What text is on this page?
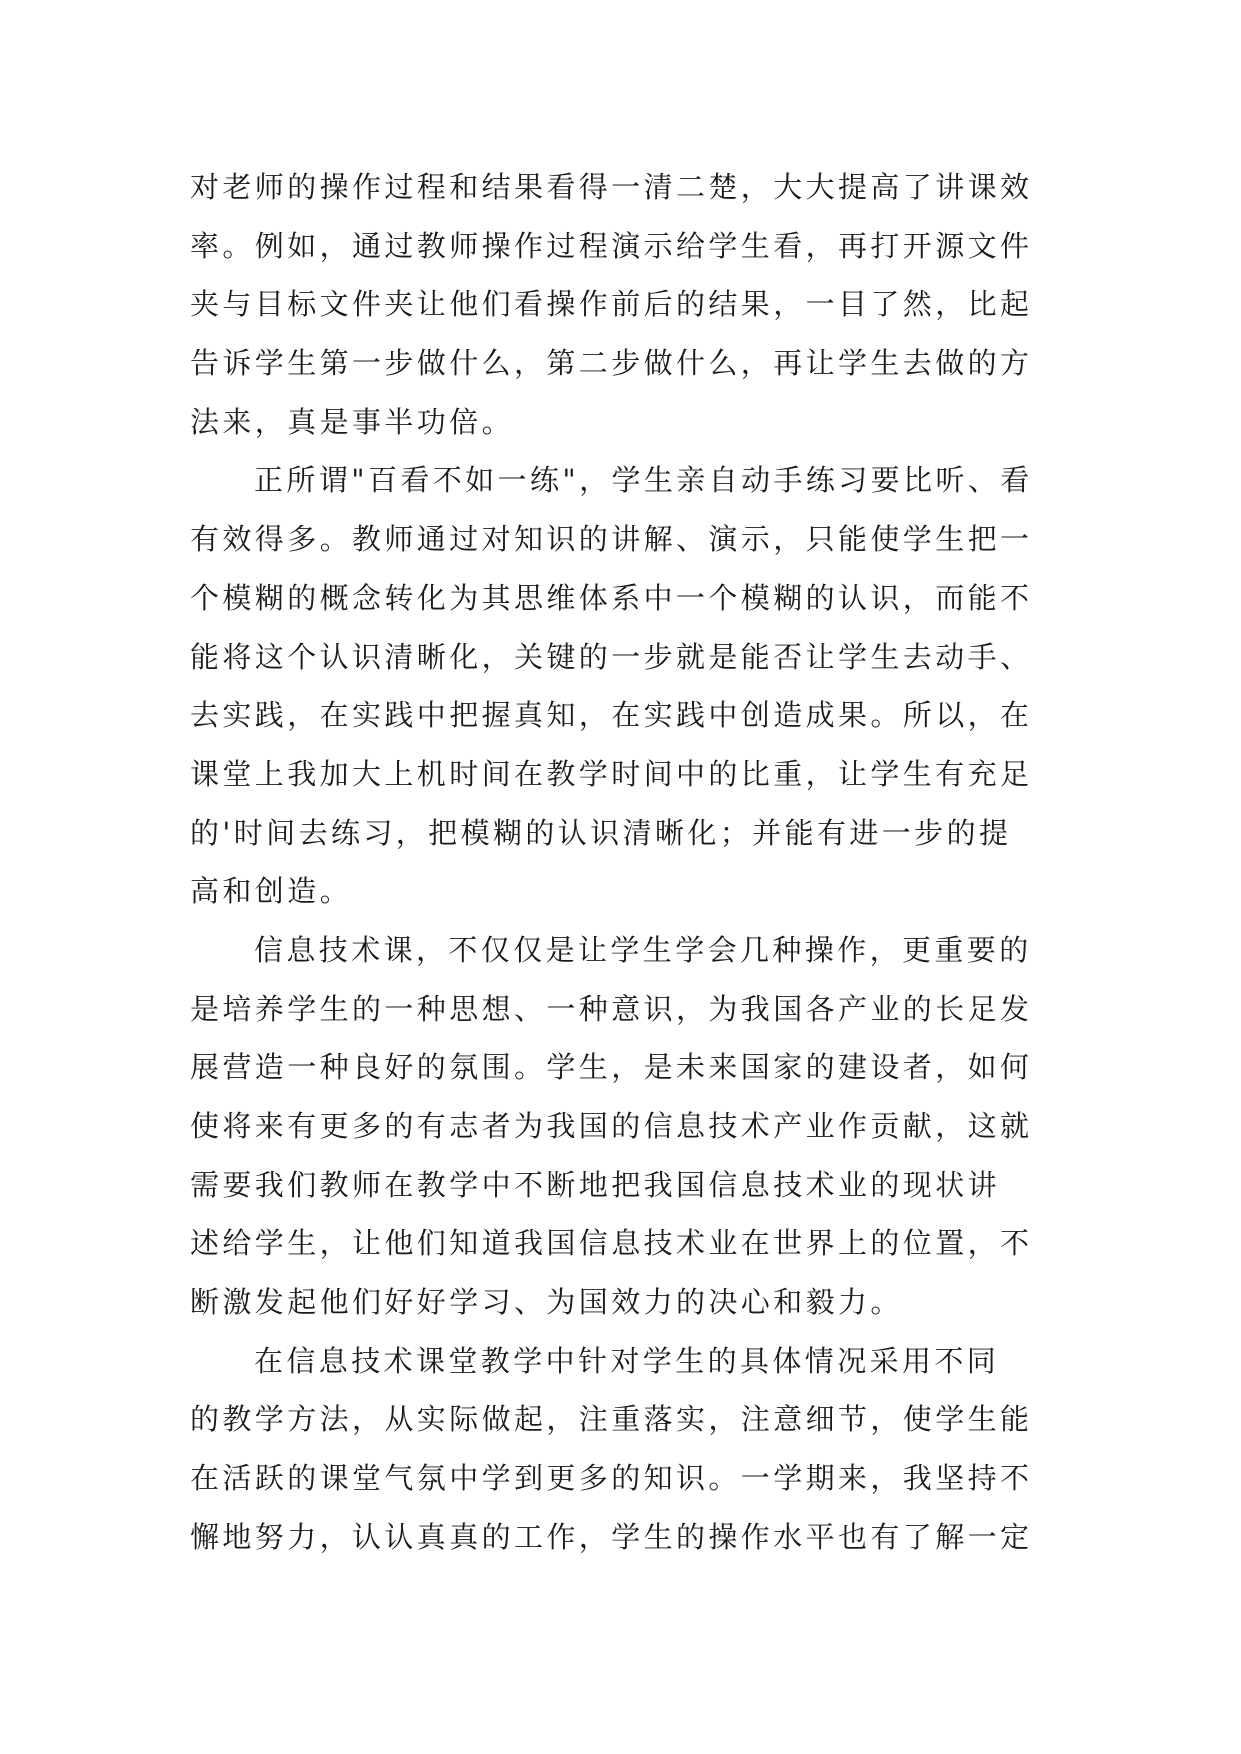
对老师的操作过程和结果看得一清二楚，大大提高了讲课效
率。例如，通过教师操作过程演示给学生看，再打开源文件
夹与目标文件夹让他们看操作前后的结果，一目了然，比起
告诉学生第一步做什么，第二步做什么，再让学生去做的方
法来，真是事半功倍。
正所谓"百看不如一练"，学生亲自动手练习要比听、看
有效得多。教师通过对知识的讲解、演示，只能使学生把一
个模糊的概念转化为其思维体系中一个模糊的认识，而能不
能将这个认识清晰化，关键的一步就是能否让学生去动手、
去实践，在实践中把握真知，在实践中创造成果。所以，在
课堂上我加大上机时间在教学时间中的比重，让学生有充足
的'时间去练习，把模糊的认识清晰化；并能有进一步的提
高和创造。
信息技术课，不仅仅是让学生学会几种操作，更重要的
是培养学生的一种思想、一种意识，为我国各产业的长足发
展营造一种良好的氛围。学生，是未来国家的建设者，如何
使将来有更多的有志者为我国的信息技术产业作贡献，这就
需要我们教师在教学中不断地把我国信息技术业的现状讲
述给学生，让他们知道我国信息技术业在世界上的位置，不
断激发起他们好好学习、为国效力的决心和毅力。
在信息技术课堂教学中针对学生的具体情况采用不同
的教学方法，从实际做起，注重落实，注意细节，使学生能
在活跃的课堂气氛中学到更多的知识。一学期来，我坚持不
懈地努力，认认真真的工作，学生的操作水平也有了解一定
